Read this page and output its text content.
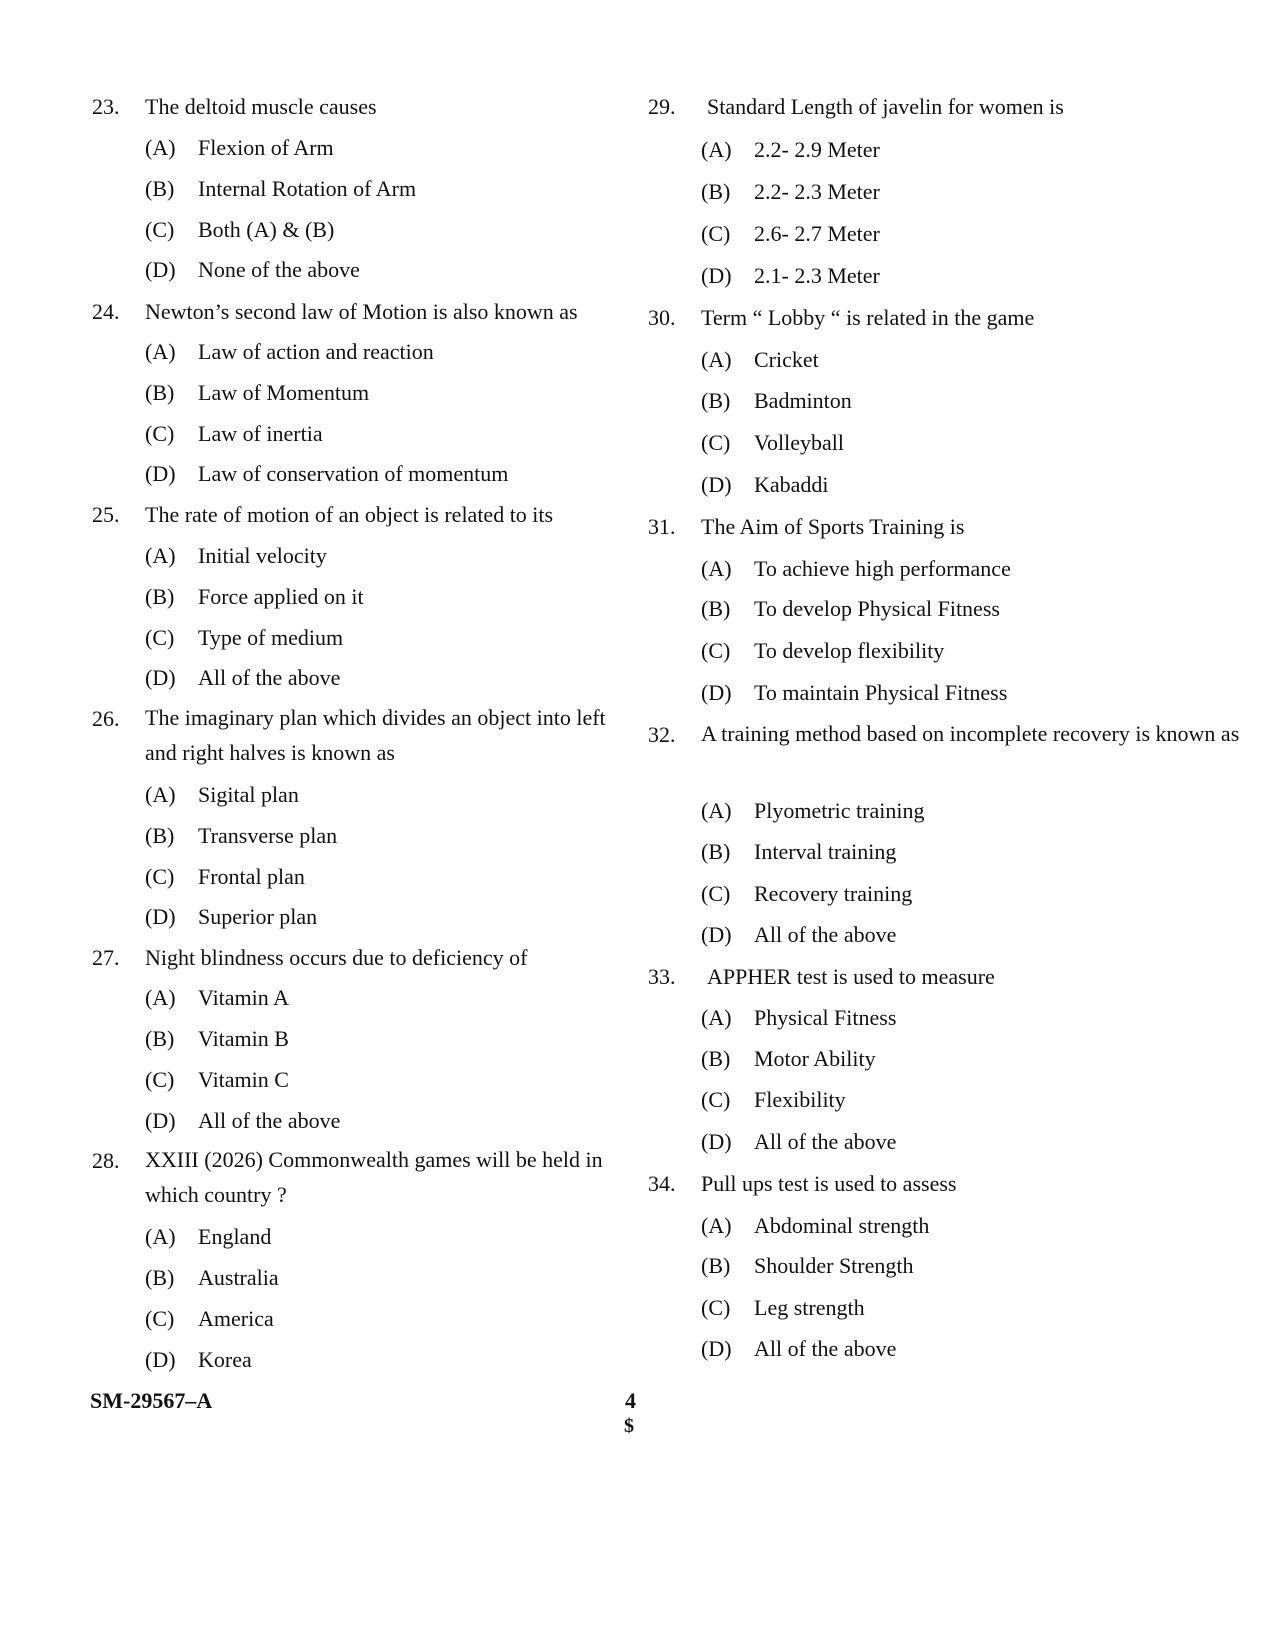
23. The deltoid muscle causes
(A) Flexion of Arm
(B) Internal Rotation of Arm
(C) Both (A) & (B)
(D) None of the above
24. Newton’s second law of Motion is also known as
(A) Law of action and reaction
(B) Law of Momentum
(C) Law of inertia
(D) Law of conservation of momentum
25. The rate of motion of an object is related to its
(A) Initial velocity
(B) Force applied on it
(C) Type of medium
(D) All of the above
26. The imaginary plan which divides an object into left and right halves is known as
(A) Sigital plan
(B) Transverse plan
(C) Frontal plan
(D) Superior plan
27. Night blindness occurs due to deficiency of
(A) Vitamin A
(B) Vitamin B
(C) Vitamin C
(D) All of the above
28. XXIII (2026) Commonwealth games will be held in which country ?
(A) England
(B) Australia
(C) America
(D) Korea
29. Standard Length of javelin for women is
(A) 2.2- 2.9 Meter
(B) 2.2- 2.3 Meter
(C) 2.6- 2.7 Meter
(D) 2.1- 2.3 Meter
30. Term “ Lobby “ is related in the game
(A) Cricket
(B) Badminton
(C) Volleyball
(D) Kabaddi
31. The Aim of Sports Training is
(A) To achieve high performance
(B) To develop Physical Fitness
(C) To develop flexibility
(D) To maintain Physical Fitness
32. A training method based on incomplete recovery is known as
(A) Plyometric training
(B) Interval training
(C) Recovery training
(D) All of the above
33. APPHER test is used to measure
(A) Physical Fitness
(B) Motor Ability
(C) Flexibility
(D) All of the above
34. Pull ups test is used to assess
(A) Abdominal strength
(B) Shoulder Strength
(C) Leg strength
(D) All of the above
SM-29567–A	4
$
